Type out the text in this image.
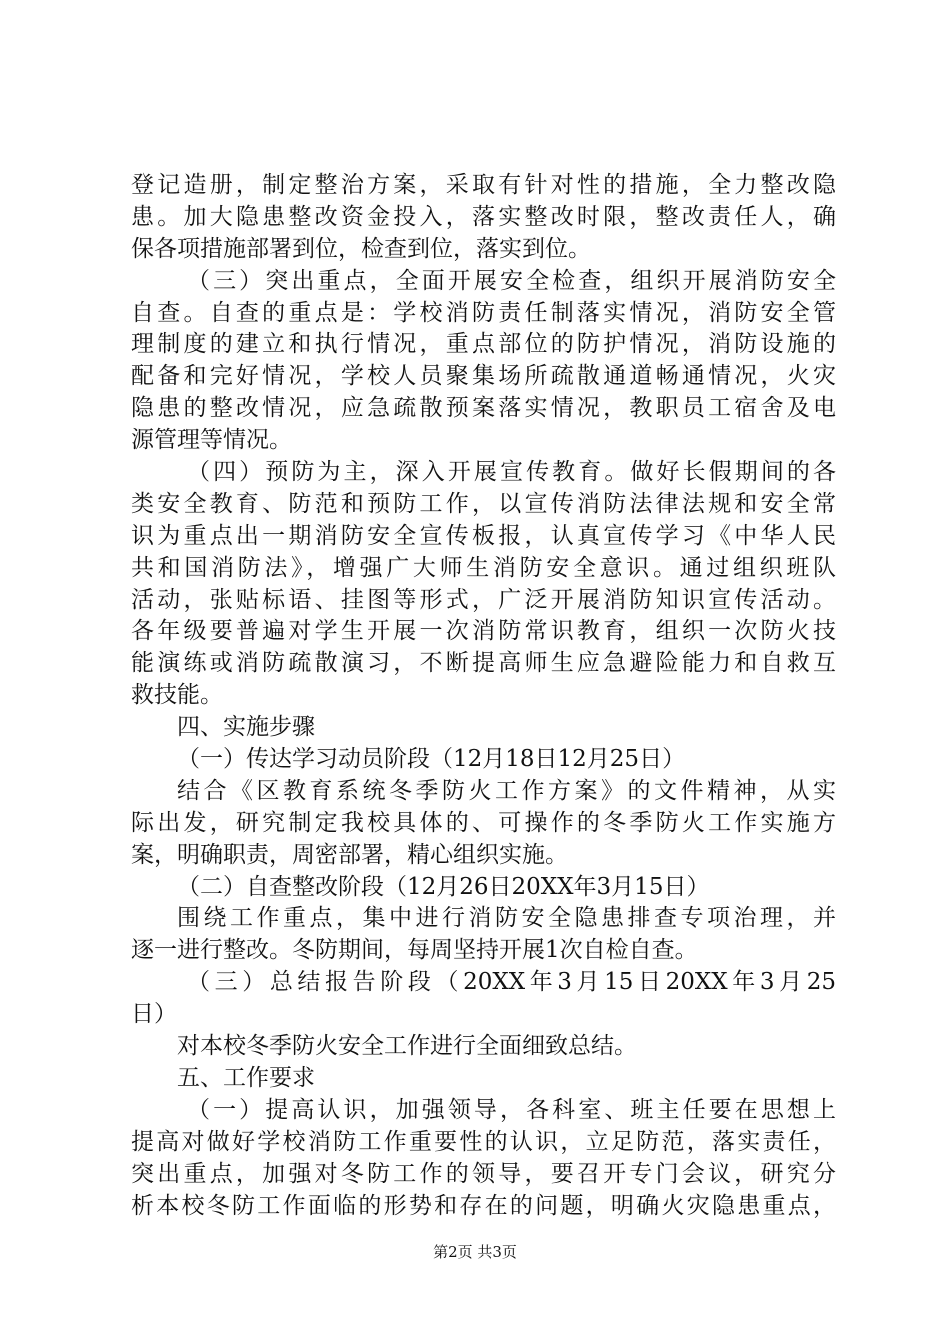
登记造册，制定整治方案，采取有针对性的措施，全力整改隐
患。加大隐患整改资金投入，落实整改时限，整改责任人，确
保各项措施部署到位，检查到位，落实到位。
（三）突出重点，全面开展安全检查，组织开展消防安全
自查。自查的重点是：学校消防责任制落实情况，消防安全管
理制度的建立和执行情况，重点部位的防护情况，消防设施的
配备和完好情况，学校人员聚集场所疏散通道畅通情况，火灾
隐患的整改情况，应急疏散预案落实情况，教职员工宿舍及电
源管理等情况。
（四）预防为主，深入开展宣传教育。做好长假期间的各
类安全教育、防范和预防工作，以宣传消防法律法规和安全常
识为重点出一期消防安全宣传板报，认真宣传学习《中华人民
共和国消防法》，增强广大师生消防安全意识。通过组织班队
活动，张贴标语、挂图等形式，广泛开展消防知识宣传活动。
各年级要普遍对学生开展一次消防常识教育，组织一次防火技
能演练或消防疏散演习，不断提高师生应急避险能力和自救互
救技能。
四、实施步骤
（一）传达学习动员阶段（12月18日12月25日）
结合《区教育系统冬季防火工作方案》的文件精神，从实
际出发，研究制定我校具体的、可操作的冬季防火工作实施方
案，明确职责，周密部署，精心组织实施。
（二）自查整改阶段（12月26日20XX年3月15日）
围绕工作重点，集中进行消防安全隐患排查专项治理，并
逐一进行整改。冬防期间，每周坚持开展1次自检自查。
（三）总结报告阶段（20XX年3月15日20XX年3月25
日）
对本校冬季防火安全工作进行全面细致总结。
五、工作要求
（一）提高认识，加强领导，各科室、班主任要在思想上
提高对做好学校消防工作重要性的认识，立足防范，落实责任，
突出重点，加强对冬防工作的领导，要召开专门会议，研究分
析本校冬防工作面临的形势和存在的问题，明确火灾隐患重点，
第2页 共3页
